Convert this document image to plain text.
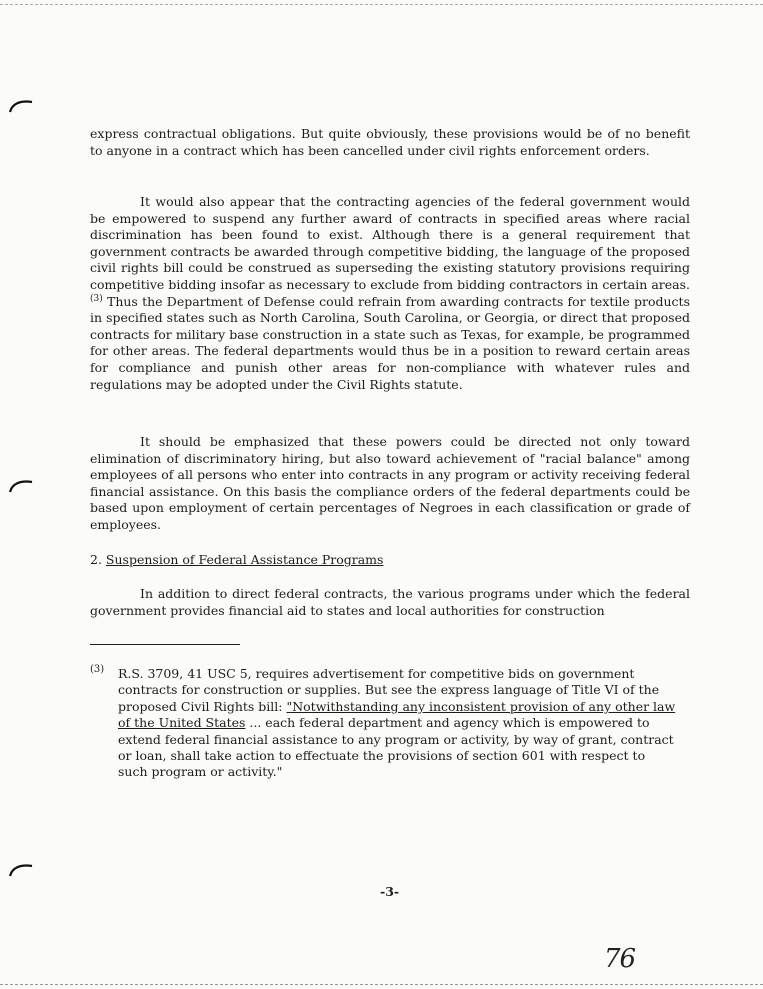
express contractual obligations. But quite obviously, these provisions would be of no benefit to anyone in a contract which has been cancelled under civil rights enforcement orders.

It would also appear that the contracting agencies of the federal government would be empowered to suspend any further award of contracts in specified areas where racial discrimination has been found to exist. Although there is a general requirement that government contracts be awarded through competitive bidding, the language of the proposed civil rights bill could be construed as superseding the existing statutory provisions requiring competitive bidding insofar as necessary to exclude from bidding contractors in certain areas.$^{(3)}$ Thus the Department of Defense could refrain from awarding contracts for textile products in specified states such as North Carolina, South Carolina, or Georgia, or direct that proposed contracts for military base construction in a state such as Texas, for example, be programmed for other areas. The federal departments would thus be in a position to reward certain areas for compliance and punish other areas for non-compliance with whatever rules and regulations may be adopted under the Civil Rights statute.

It should be emphasized that these powers could be directed not only toward elimination of discriminatory hiring, but also toward achievement of "racial balance" among employees of all persons who enter into contracts in any program or activity receiving federal financial assistance. On this basis the compliance orders of the federal departments could be based upon employment of certain percentages of Negroes in each classification or grade of employees.

2. Suspension of Federal Assistance Programs

In addition to direct federal contracts, the various programs under which the federal government provides financial aid to states and local authorities for construction

(3) R.S. 3709, 41 USC 5, requires advertisement for competitive bids on government contracts for construction or supplies. But see the express language of Title VI of the proposed Civil Rights bill: "Notwithstanding any inconsistent provision of any other law of the United States ... each federal department and agency which is empowered to extend federal financial assistance to any program or activity, by way of grant, contract or loan, shall take action to effectuate the provisions of section 601 with respect to such program or activity."

-3-
76
